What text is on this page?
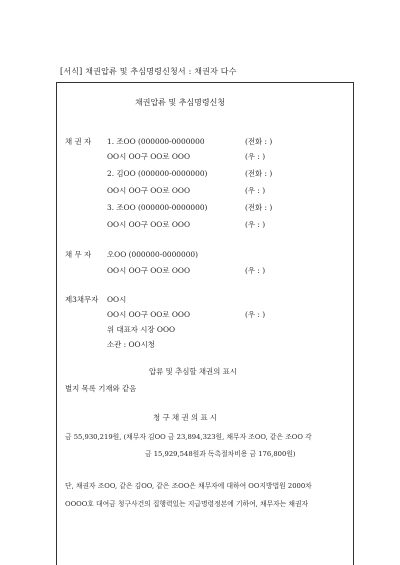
[서식] 채권압류 및 추심명령신청서 : 채권자 다수
채권압류 및 추심명령신청
채 권 자 1. 조OO (000000-0000000	(전화 : )
OO시 OO구 OO로 OOO	(우 : )
2. 김OO (000000-0000000)	(전화 : )
OO시 OO구 OO로 OOO	(우 : )
3. 조OO (000000-0000000)	(전화 : )
OO시 OO구 OO로 OOO	(우 : )
채 무 자 오OO (000000-0000000)
OO시 OO구 OO로 OOO	(우 : )
제3채무자 OO시
OO시 OO구 OO로 OOO	(우 : )
위 대표자 시장 OOO
소관 : OO시청
압류 및 추심할 채권의 표시
별지 목록 기재와 같음
청 구 채 권 의 표 시
금 55,930,219원, (채무자 김OO 금 23,894,323원, 채무자 조OO, 같은 조OO 각
금 15,929,548원과 독촉절차비용 금 176,800원)
단, 채권자 조OO, 같은 김OO, 같은 조OO은 채무자에 대하여 OO지방법원 2000차
OOOO호 대여금 청구사건의 집행력있는 지급명령정본에 기하여, 채무자는 채권자
